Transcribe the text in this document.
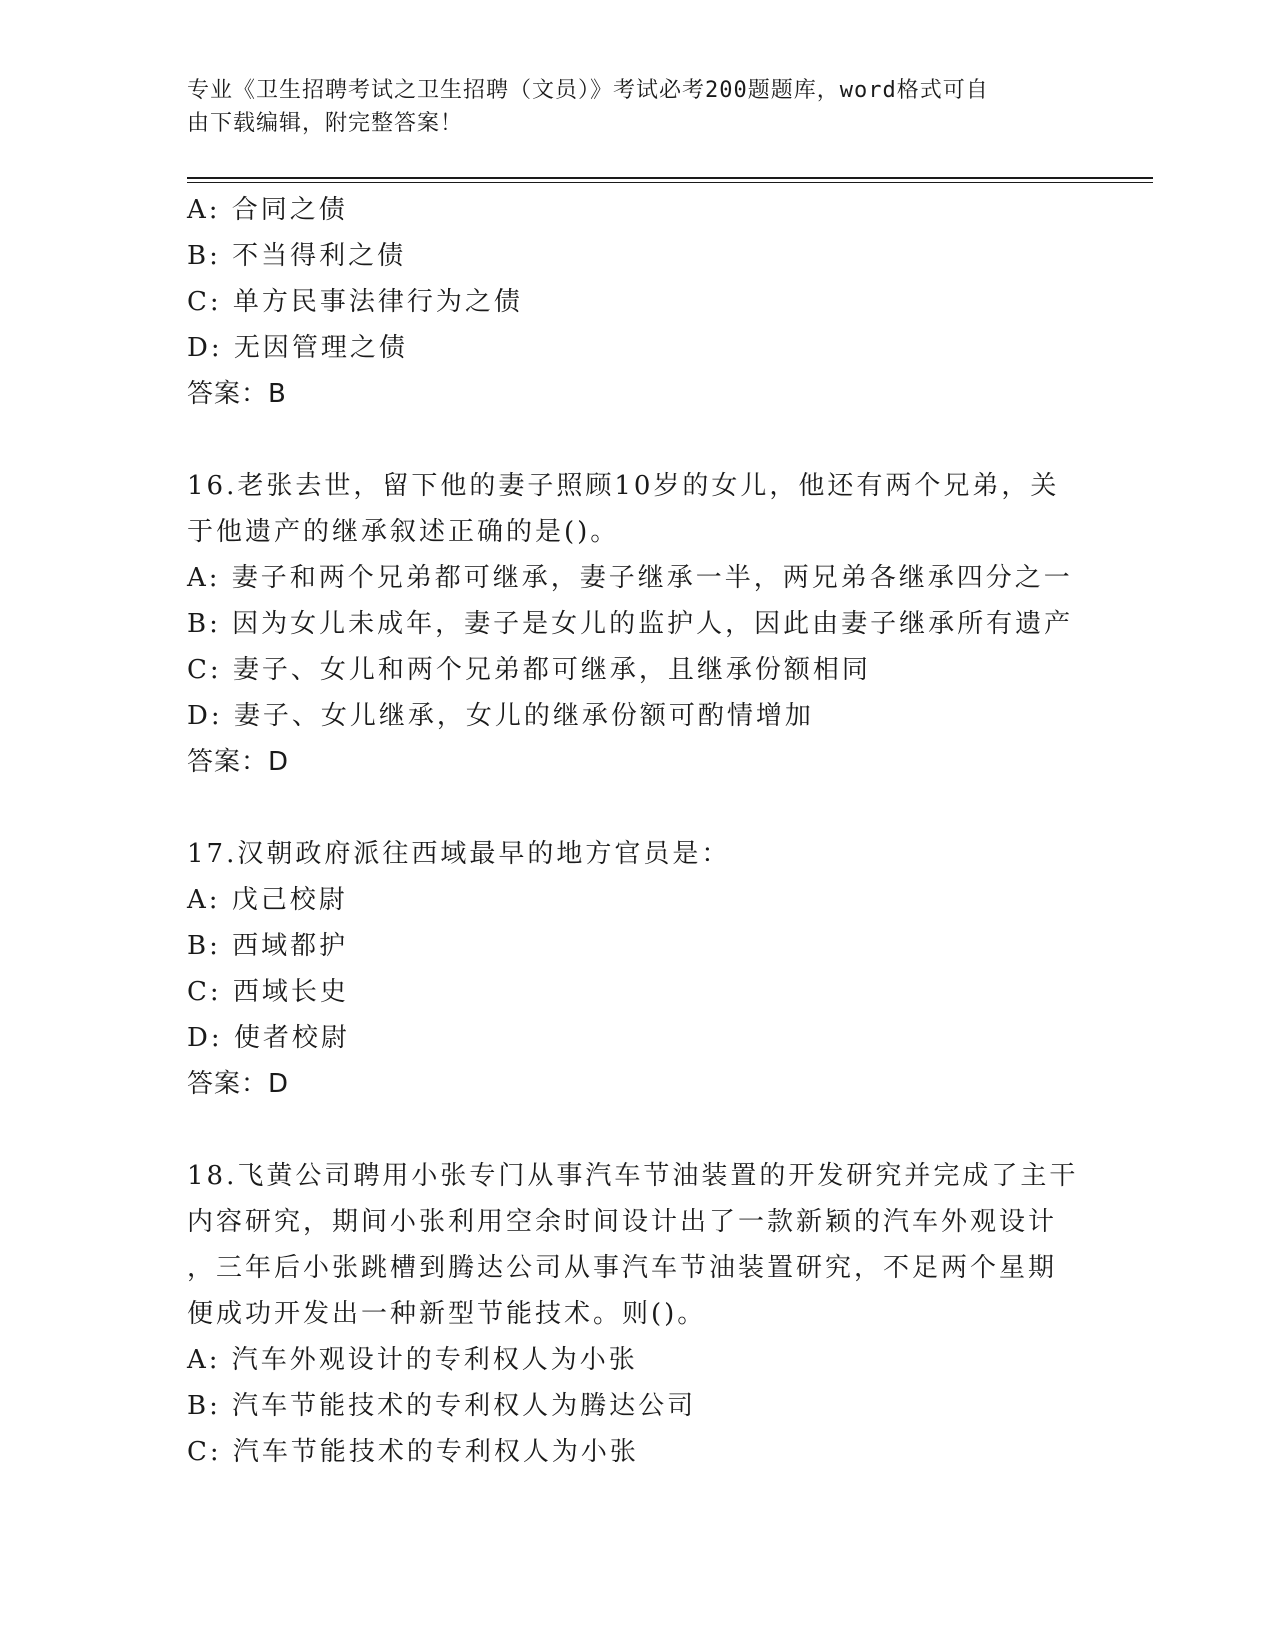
专业《卫生招聘考试之卫生招聘（文员）》考试必考200题题库，word格式可自
由下载编辑，附完整答案！
A: 合同之债
B: 不当得利之债
C: 单方民事法律行为之债
D: 无因管理之债
答案：B
16.老张去世，留下他的妻子照顾10岁的女儿，他还有两个兄弟，关
于他遗产的继承叙述正确的是()。
A: 妻子和两个兄弟都可继承，妻子继承一半，两兄弟各继承四分之一
B: 因为女儿未成年，妻子是女儿的监护人，因此由妻子继承所有遗产
C: 妻子、女儿和两个兄弟都可继承，且继承份额相同
D: 妻子、女儿继承，女儿的继承份额可酌情增加
答案：D
17.汉朝政府派往西域最早的地方官员是：
A: 戊己校尉
B: 西域都护
C: 西域长史
D: 使者校尉
答案：D
18.飞黄公司聘用小张专门从事汽车节油装置的开发研究并完成了主干
内容研究，期间小张利用空余时间设计出了一款新颖的汽车外观设计
，三年后小张跳槽到腾达公司从事汽车节油装置研究，不足两个星期
便成功开发出一种新型节能技术。则()。
A: 汽车外观设计的专利权人为小张
B: 汽车节能技术的专利权人为腾达公司
C: 汽车节能技术的专利权人为小张
